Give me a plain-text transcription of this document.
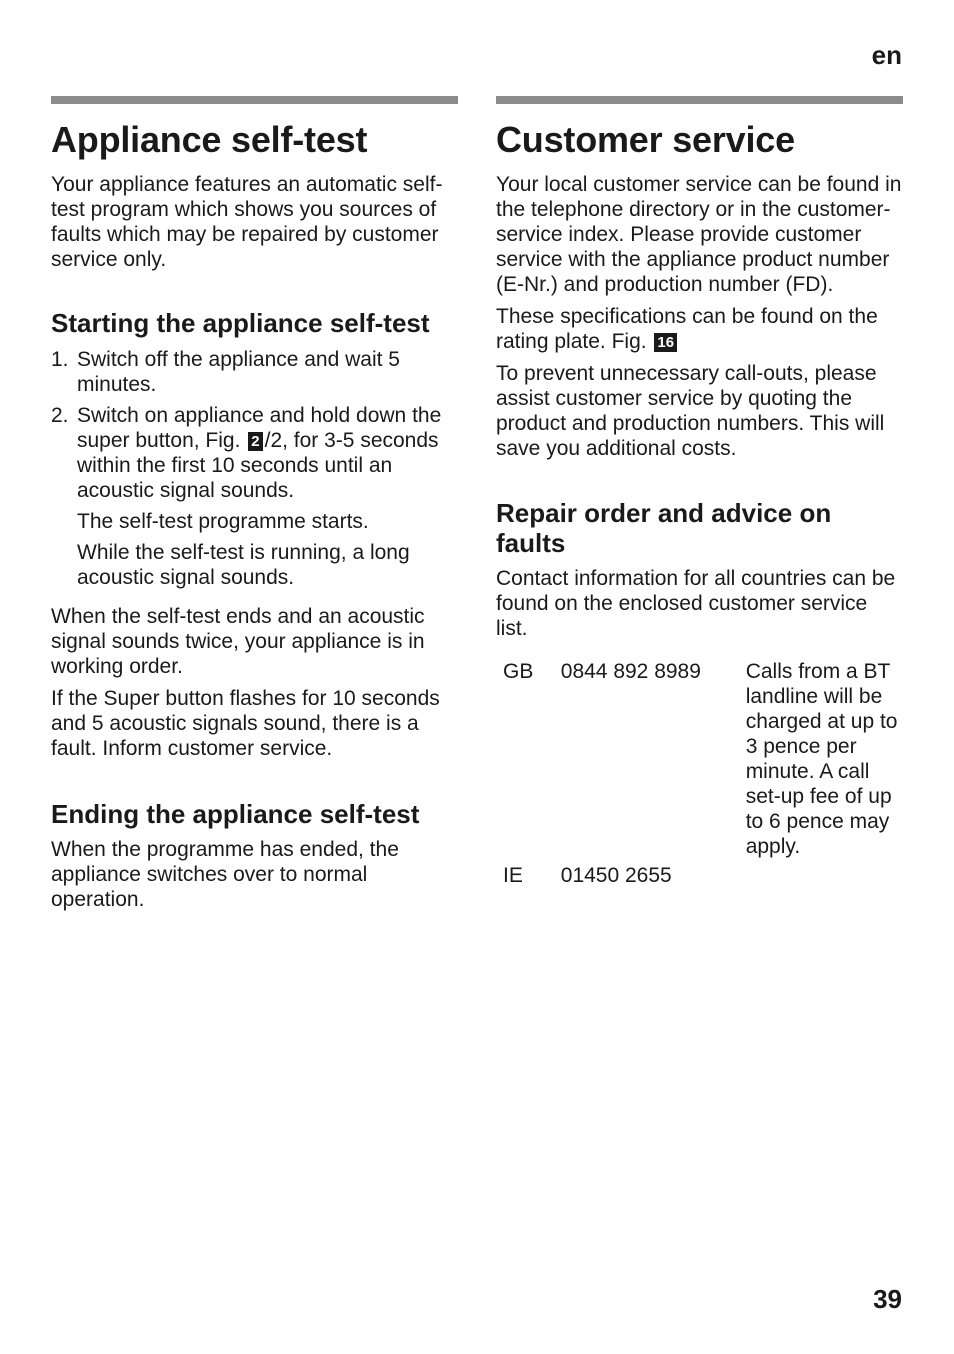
en
Appliance self-test

Your appliance features an automatic self-test program which shows you sources of faults which may be repaired by customer service only.

Starting the appliance self-test
1. Switch off the appliance and wait 5 minutes.
2. Switch on appliance and hold down the super button, Fig. 2 /2, for 3-5 seconds within the first 10 seconds until an acoustic signal sounds.

The self-test programme starts.

While the self-test is running, a long acoustic signal sounds.

When the self-test ends and an acoustic signal sounds twice, your appliance is in working order.

If the Super button flashes for 10 seconds and 5 acoustic signals sound, there is a fault. Inform customer service.

Ending the appliance self-test

When the programme has ended, the appliance switches over to normal operation.

Customer service

Your local customer service can be found in the telephone directory or in the customer-service index. Please provide customer service with the appliance product number (E-Nr.) and production number (FD).

These specifications can be found on the rating plate. Fig. 16

To prevent unnecessary call-outs, please assist customer service by quoting the product and production numbers. This will save you additional costs.

Repair order and advice on faults

Contact information for all countries can be found on the enclosed customer service list.

GB	0844 892 8989	Calls from a BT landline will be charged at up to 3 pence per minute. A call set-up fee of up to 6 pence may apply.
IE	01450 2655	
39
